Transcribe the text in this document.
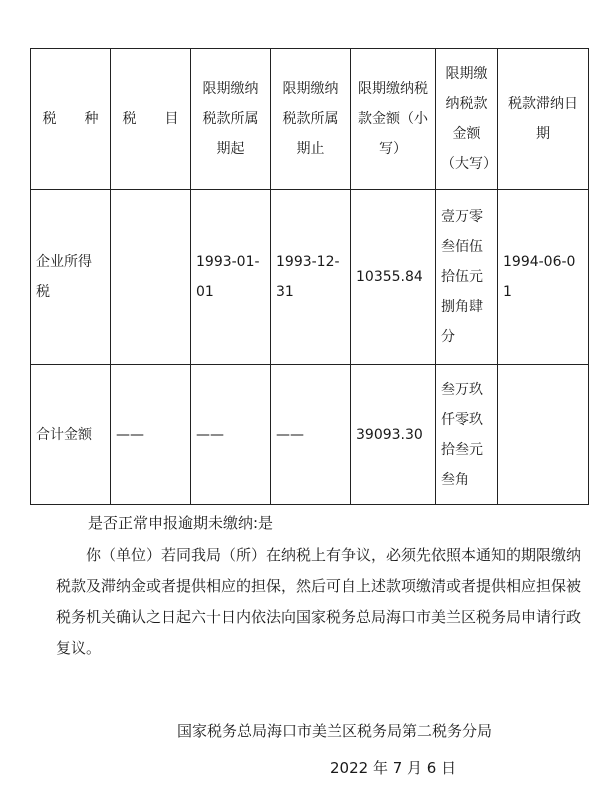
税　　种	税　　目	限期缴纳税款所属期起	限期缴纳税款所属期止	限期缴纳税款金额（小写）	限期缴纳税款金额（大写）	税款滞纳日期
企业所得税		1993-01-01	1993-12-31	10355.84	壹万零叁佰伍拾伍元捌角肆分	1994-06-01
合计金额	——	——	——	39093.30	叁万玖仟零玖拾叁元叁角	
是否正常申报逾期未缴纳:是
你（单位）若同我局（所）在纳税上有争议，必须先依照本通知的期限缴纳税款及滞纳金或者提供相应的担保，然后可自上述款项缴清或者提供相应担保被税务机关确认之日起六十日内依法向国家税务总局海口市美兰区税务局申请行政复议。
国家税务总局海口市美兰区税务局第二税务分局
2022 年 7 月 6 日
